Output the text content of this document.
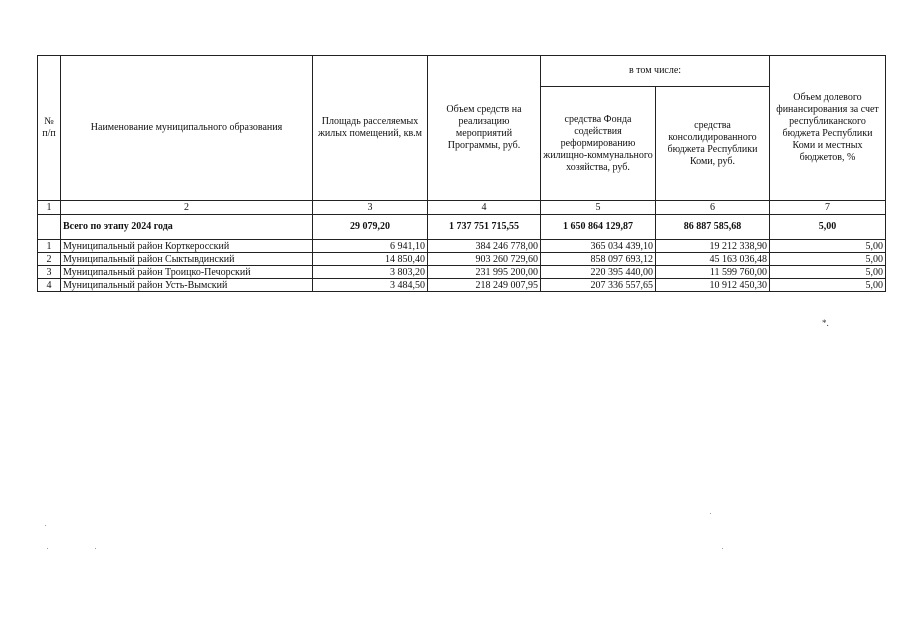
№ п/п	Наименование муниципального образования	Площадь расселяемых жилых помещений, кв.м	Объем средств на реализацию мероприятий Программы, руб.	в том числе:		Объем долевого финансирования за счет республиканского бюджета Республики Коми и местных бюджетов, %
				средства Фонда содействия реформированию жилищно-коммунального хозяйства, руб.	средства консолидированного бюджета Республики Коми, руб.	
1	2	3	4	5	6	7
	Всего по этапу 2024 года	29 079,20	1 737 751 715,55	1 650 864 129,87	86 887 585,68	5,00
1	Муниципальный район Корткеросский	6 941,10	384 246 778,00	365 034 439,10	19 212 338,90	5,00
2	Муниципальный район Сыктывдинский	14 850,40	903 260 729,60	858 097 693,12	45 163 036,48	5,00
3	Муниципальный район Троицко-Печорский	3 803,20	231 995 200,00	220 395 440,00	11 599 760,00	5,00
4	Муниципальный район Усть-Вымский	3 484,50	218 249 007,95	207 336 557,65	10 912 450,30	5,00
*.
